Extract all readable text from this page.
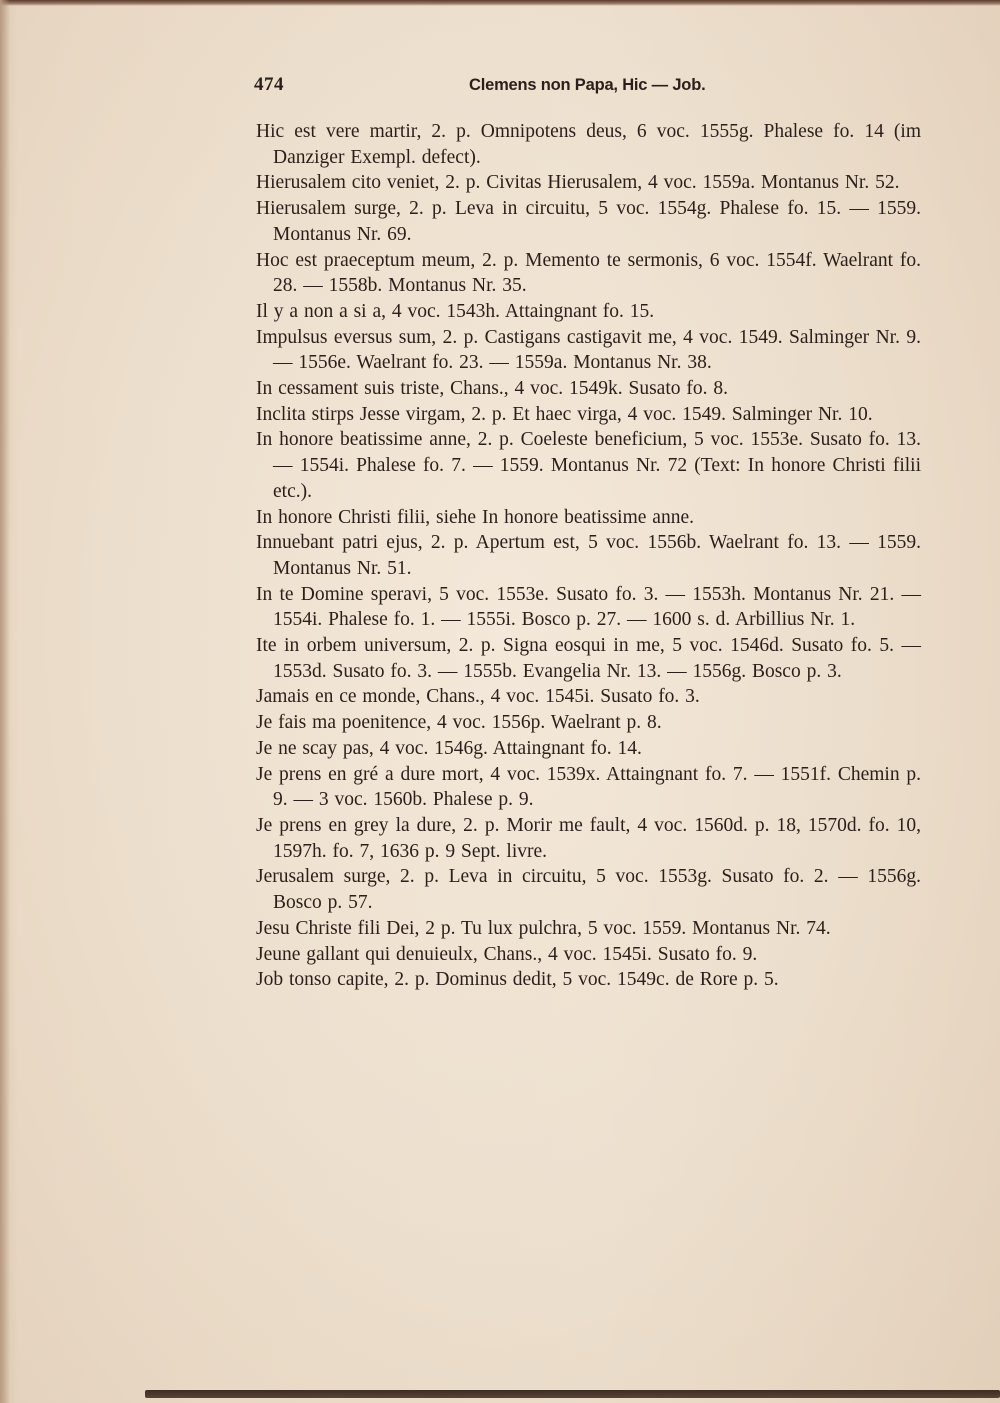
474	Clemens non Papa, Hic — Job.
Hic est vere martir, 2. p. Omnipotens deus, 6 voc. 1555g. Phalese fo. 14 (im Danziger Exempl. defect).
Hierusalem cito veniet, 2. p. Civitas Hierusalem, 4 voc. 1559a. Montanus Nr. 52.
Hierusalem surge, 2. p. Leva in circuitu, 5 voc. 1554g. Phalese fo. 15. — 1559. Montanus Nr. 69.
Hoc est praeceptum meum, 2. p. Memento te sermonis, 6 voc. 1554f. Waelrant fo. 28. — 1558b. Montanus Nr. 35.
Il y a non a si a, 4 voc. 1543h. Attaingnant fo. 15.
Impulsus eversus sum, 2. p. Castigans castigavit me, 4 voc. 1549. Salminger Nr. 9. — 1556e. Waelrant fo. 23. — 1559a. Montanus Nr. 38.
In cessament suis triste, Chans., 4 voc. 1549k. Susato fo. 8.
Inclita stirps Jesse virgam, 2. p. Et haec virga, 4 voc. 1549. Salminger Nr. 10.
In honore beatissime anne, 2. p. Coeleste beneficium, 5 voc. 1553e. Susato fo. 13. — 1554i. Phalese fo. 7. — 1559. Montanus Nr. 72 (Text: In honore Christi filii etc.).
In honore Christi filii, siehe In honore beatissime anne.
Innuebant patri ejus, 2. p. Apertum est, 5 voc. 1556b. Waelrant fo. 13. — 1559. Montanus Nr. 51.
In te Domine speravi, 5 voc. 1553e. Susato fo. 3. — 1553h. Montanus Nr. 21. — 1554i. Phalese fo. 1. — 1555i. Bosco p. 27. — 1600 s. d. Arbillius Nr. 1.
Ite in orbem universum, 2. p. Signa eosqui in me, 5 voc. 1546d. Susato fo. 5. — 1553d. Susato fo. 3. — 1555b. Evangelia Nr. 13. — 1556g. Bosco p. 3.
Jamais en ce monde, Chans., 4 voc. 1545i. Susato fo. 3.
Je fais ma poenitence, 4 voc. 1556p. Waelrant p. 8.
Je ne scay pas, 4 voc. 1546g. Attaingnant fo. 14.
Je prens en gré a dure mort, 4 voc. 1539x. Attaingnant fo. 7. — 1551f. Chemin p. 9. — 3 voc. 1560b. Phalese p. 9.
Je prens en grey la dure, 2. p. Morir me fault, 4 voc. 1560d. p. 18, 1570d. fo. 10, 1597h. fo. 7, 1636 p. 9 Sept. livre.
Jerusalem surge, 2. p. Leva in circuitu, 5 voc. 1553g. Susato fo. 2. — 1556g. Bosco p. 57.
Jesu Christe fili Dei, 2 p. Tu lux pulchra, 5 voc. 1559. Montanus Nr. 74.
Jeune gallant qui denuieulx, Chans., 4 voc. 1545i. Susato fo. 9.
Job tonso capite, 2. p. Dominus dedit, 5 voc. 1549c. de Rore p. 5.
